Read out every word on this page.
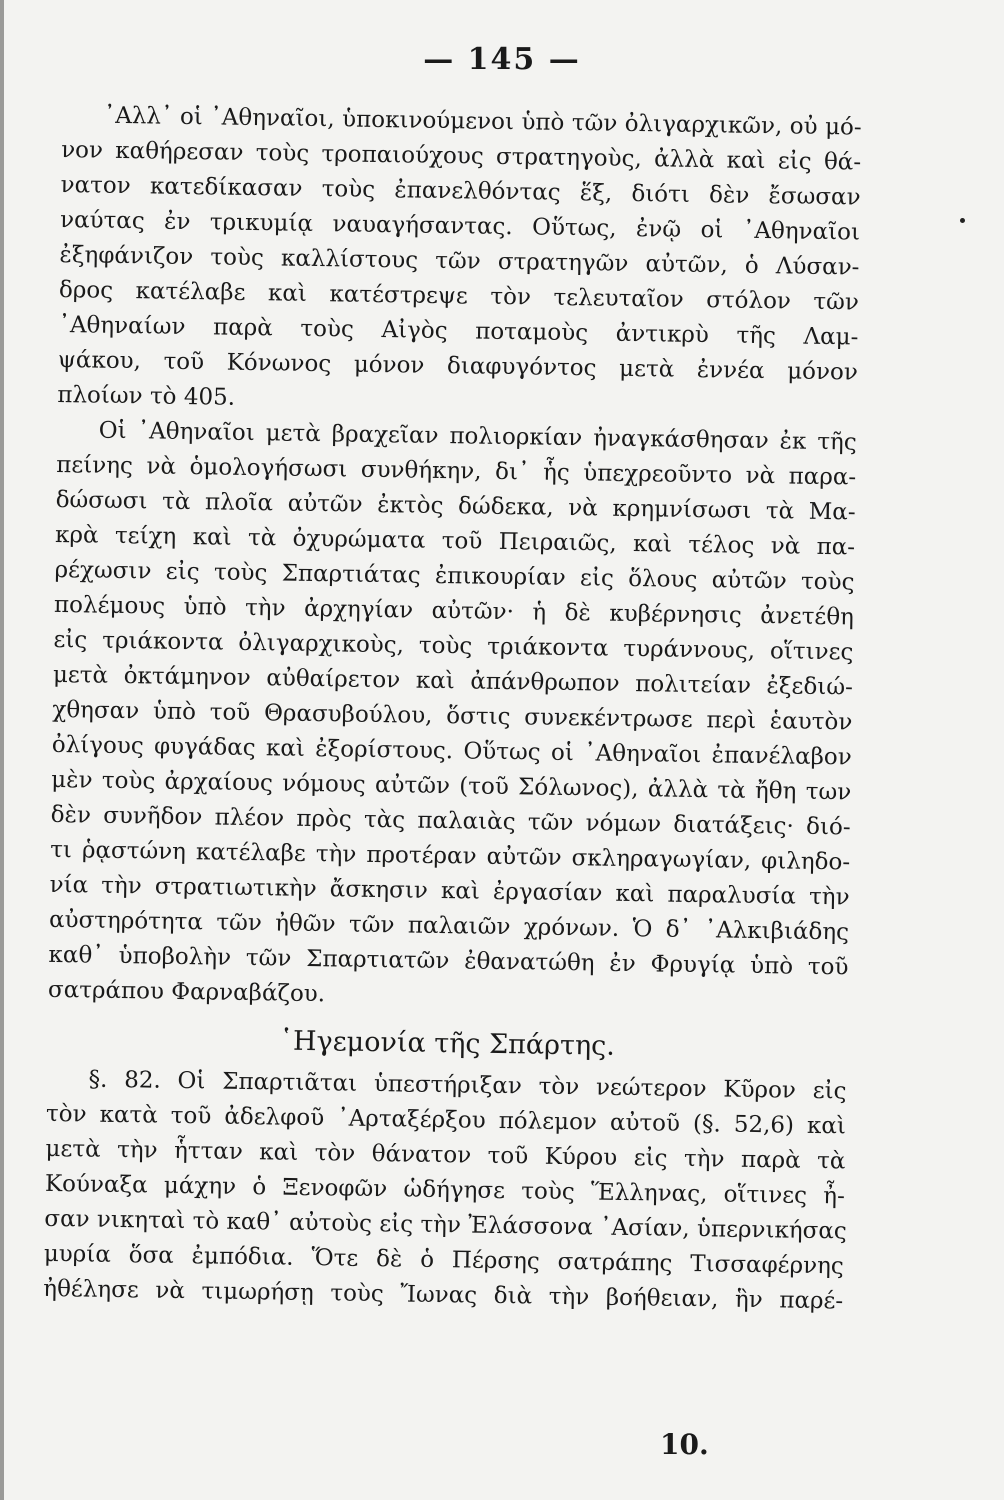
— 145 —
᾿Αλλ᾿ οἱ ᾿Αθηναῖοι, ὑποκινούμενοι ὑπὸ τῶν ὀλιγαρχικῶν, οὐ μό-
νον καθήρεσαν τοὺς τροπαιούχους στρατηγοὺς, ἀλλὰ καὶ εἰς θά-
νατον κατεδίκασαν τοὺς ἐπανελθόντας ἕξ, διότι δὲν ἔσωσαν
ναύτας ἐν τρικυμίᾳ ναυαγήσαντας. Οὕτως, ἐνῷ οἱ ᾿Αθηναῖοι
ἐξηφάνιζον τοὺς καλλίστους τῶν στρατηγῶν αὐτῶν, ὁ Λύσαν-
δρος κατέλαβε καὶ κατέστρεψε τὸν τελευταῖον στόλον τῶν
᾿Αθηναίων παρὰ τοὺς Αἰγὸς ποταμοὺς ἀντικρὺ τῆς Λαμ-
ψάκου, τοῦ Κόνωνος μόνον διαφυγόντος μετὰ ἐννέα μόνον
πλοίων τὸ 405.
Οἱ ᾿Αθηναῖοι μετὰ βραχεῖαν πολιορκίαν ἠναγκάσθησαν ἐκ τῆς
πείνης νὰ ὁμολογήσωσι συνθήκην, δι᾿ ἧς ὑπεχρεοῦντο νὰ παρα-
δώσωσι τὰ πλοῖα αὐτῶν ἐκτὸς δώδεκα, νὰ κρημνίσωσι τὰ Μα-
κρὰ τείχη καὶ τὰ ὀχυρώματα τοῦ Πειραιῶς, καὶ τέλος νὰ πα-
ρέχωσιν εἰς τοὺς Σπαρτιάτας ἐπικουρίαν εἰς ὅλους αὐτῶν τοὺς
πολέμους ὑπὸ τὴν ἀρχηγίαν αὐτῶν· ἡ δὲ κυβέρνησις ἀνετέθη
εἰς τριάκοντα ὀλιγαρχικοὺς, τοὺς τριάκοντα τυράννους, οἵτινες
μετὰ ὀκτάμηνον αὐθαίρετον καὶ ἀπάνθρωπον πολιτείαν ἐξεδιώ-
χθησαν ὑπὸ τοῦ Θρασυβούλου, ὅστις συνεκέντρωσε περὶ ἑαυτὸν
ὀλίγους φυγάδας καὶ ἐξορίστους. Οὕτως οἱ ᾿Αθηναῖοι ἐπανέλαβον
μὲν τοὺς ἀρχαίους νόμους αὐτῶν (τοῦ Σόλωνος), ἀλλὰ τὰ ἤθη των
δὲν συνῆδον πλέον πρὸς τὰς παλαιὰς τῶν νόμων διατάξεις· διό-
τι ῥᾳστώνη κατέλαβε τὴν προτέραν αὐτῶν σκληραγωγίαν, φιληδο-
νία τὴν στρατιωτικὴν ἄσκησιν καὶ ἐργασίαν καὶ παραλυσία τὴν
αὐστηρότητα τῶν ἠθῶν τῶν παλαιῶν χρόνων. Ὁ δ᾿ ᾿Αλκιβιάδης
καθ᾿ ὑποβολὴν τῶν Σπαρτιατῶν ἐθανατώθη ἐν Φρυγίᾳ ὑπὸ τοῦ
σατράπου Φαρναβάζου.
῾Ηγεμονία τῆς Σπάρτης.
§. 82. Οἱ Σπαρτιᾶται ὑπεστήριξαν τὸν νεώτερον Κῦρον εἰς
τὸν κατὰ τοῦ ἀδελφοῦ ᾿Αρταξέρξου πόλεμον αὐτοῦ (§. 52,6) καὶ
μετὰ τὴν ἧτταν καὶ τὸν θάνατον τοῦ Κύρου εἰς τὴν παρὰ τὰ
Κούναξα μάχην ὁ Ξενοφῶν ὡδήγησε τοὺς Ἕλληνας, οἵτινες ἦ-
σαν νικηταὶ τὸ καθ᾿ αὐτοὺς εἰς τὴν Ἐλάσσονα ᾿Ασίαν, ὑπερνικήσας
μυρία ὅσα ἐμπόδια. Ὅτε δὲ ὁ Πέρσης σατράπης Τισσαφέρνης
ἠθέλησε νὰ τιμωρήσῃ τοὺς Ἴωνας διὰ τὴν βοήθειαν, ἣν παρέ-
10.
